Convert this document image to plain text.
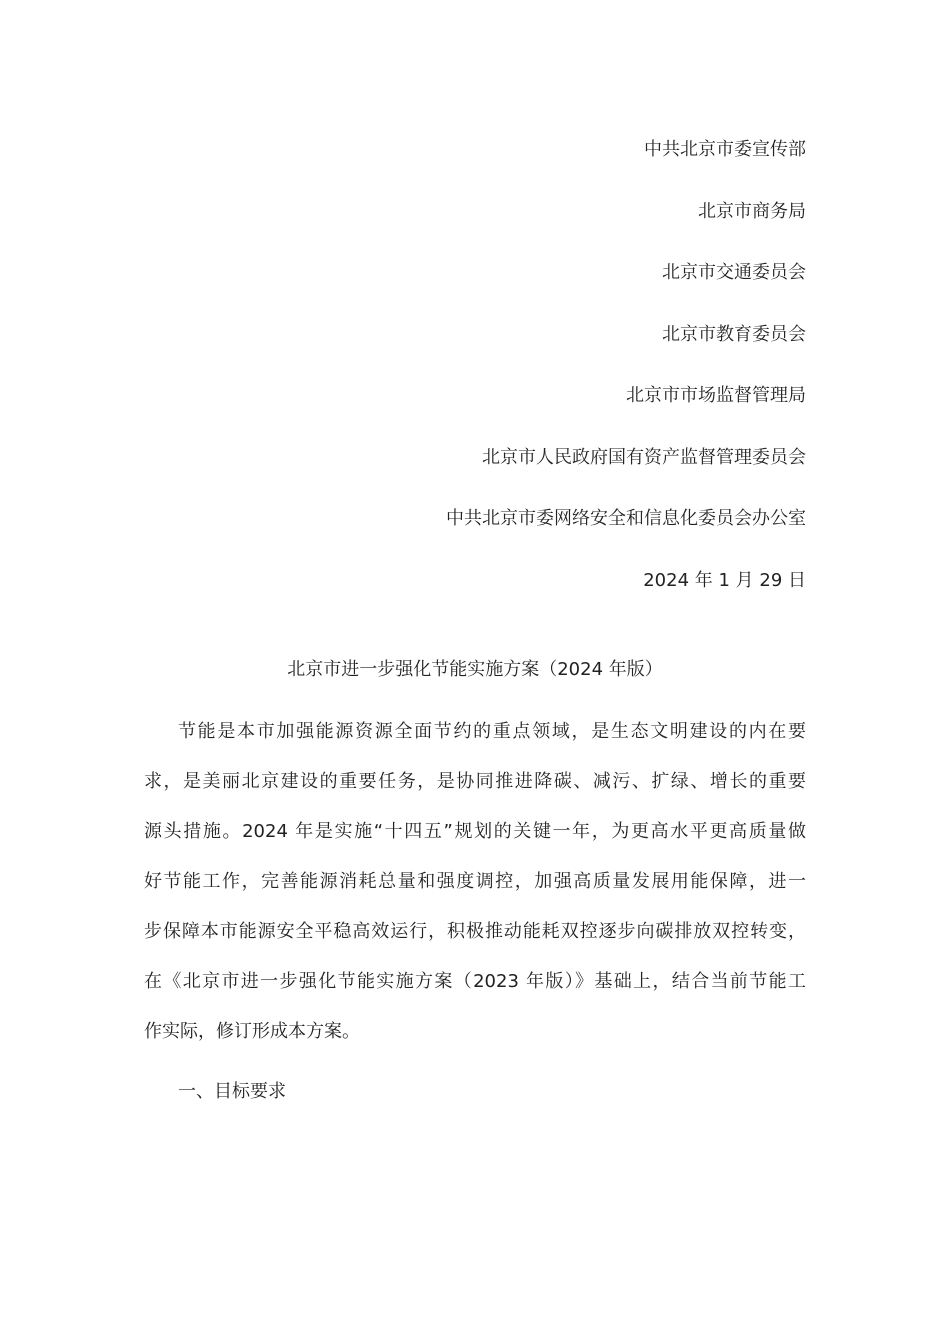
中共北京市委宣传部
北京市商务局
北京市交通委员会
北京市教育委员会
北京市市场监督管理局
北京市人民政府国有资产监督管理委员会
中共北京市委网络安全和信息化委员会办公室
2024 年 1 月 29 日
北京市进一步强化节能实施方案（2024 年版）
节能是本市加强能源资源全面节约的重点领域，是生态文明建设的内在要
求，是美丽北京建设的重要任务，是协同推进降碳、减污、扩绿、增长的重要
源头措施。2024 年是实施“十四五”规划的关键一年，为更高水平更高质量做
好节能工作，完善能源消耗总量和强度调控，加强高质量发展用能保障，进一
步保障本市能源安全平稳高效运行，积极推动能耗双控逐步向碳排放双控转变，
在《北京市进一步强化节能实施方案（2023 年版）》基础上，结合当前节能工
作实际，修订形成本方案。
一、目标要求
